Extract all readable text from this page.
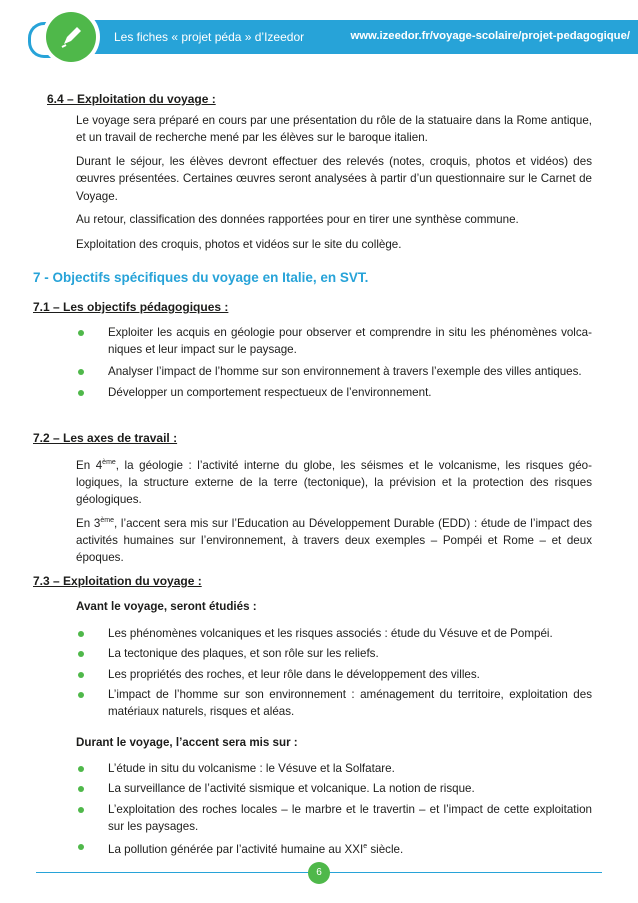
Les fiches « projet péda » d’Izeedor	www.izeedor.fr/voyage-scolaire/projet-pedagogique/
6.4 – Exploitation du voyage :
Le voyage sera préparé en cours par une présentation du rôle de la statuaire dans la Rome antique, et un travail de recherche mené par les élèves sur le baroque italien.
Durant le séjour, les élèves devront effectuer des relevés (notes, croquis, photos et vidéos) des œuvres présentées. Certaines œuvres seront analysées à partir d’un questionnaire sur le Carnet de Voyage.
Au retour, classification des données rapportées pour en tirer une synthèse commune.
Exploitation des croquis, photos et vidéos sur le site du collège.
7 - Objectifs spécifiques du voyage en Italie, en SVT.
7.1 – Les objectifs pédagogiques :
Exploiter les acquis en géologie pour observer et comprendre in situ les phénomènes volca-niques et leur impact sur le paysage.
Analyser l’impact de l’homme sur son environnement à travers l’exemple des villes antiques.
Développer un comportement respectueux de l’environnement.
7.2 – Les axes de travail :
En 4ème, la géologie : l’activité interne du globe, les séismes et le volcanisme, les risques géo-logiques, la structure externe de la terre (tectonique), la prévision et la protection des risques géologiques.
En 3ème, l’accent sera mis sur l’Education au Développement Durable (EDD) : étude de l’impact des activités humaines sur l’environnement, à travers deux exemples – Pompéi et Rome – et deux époques.
7.3 – Exploitation du voyage :
Avant le voyage, seront étudiés :
Les phénomènes volcaniques et les risques associés : étude du Vésuve et de Pompéi.
La tectonique des plaques, et son rôle sur les reliefs.
Les propriétés des roches, et leur rôle dans le développement des villes.
L’impact de l’homme sur son environnement : aménagement du territoire, exploitation des matériaux naturels, risques et aléas.
Durant le voyage, l’accent sera mis sur :
L’étude in situ du volcanisme : le Vésuve et la Solfatare.
La surveillance de l’activité sismique et volcanique. La notion de risque.
L’exploitation des roches locales – le marbre et le travertin – et l’impact de cette exploitation sur les paysages.
La pollution générée par l’activité humaine au XXIe siècle.
6
